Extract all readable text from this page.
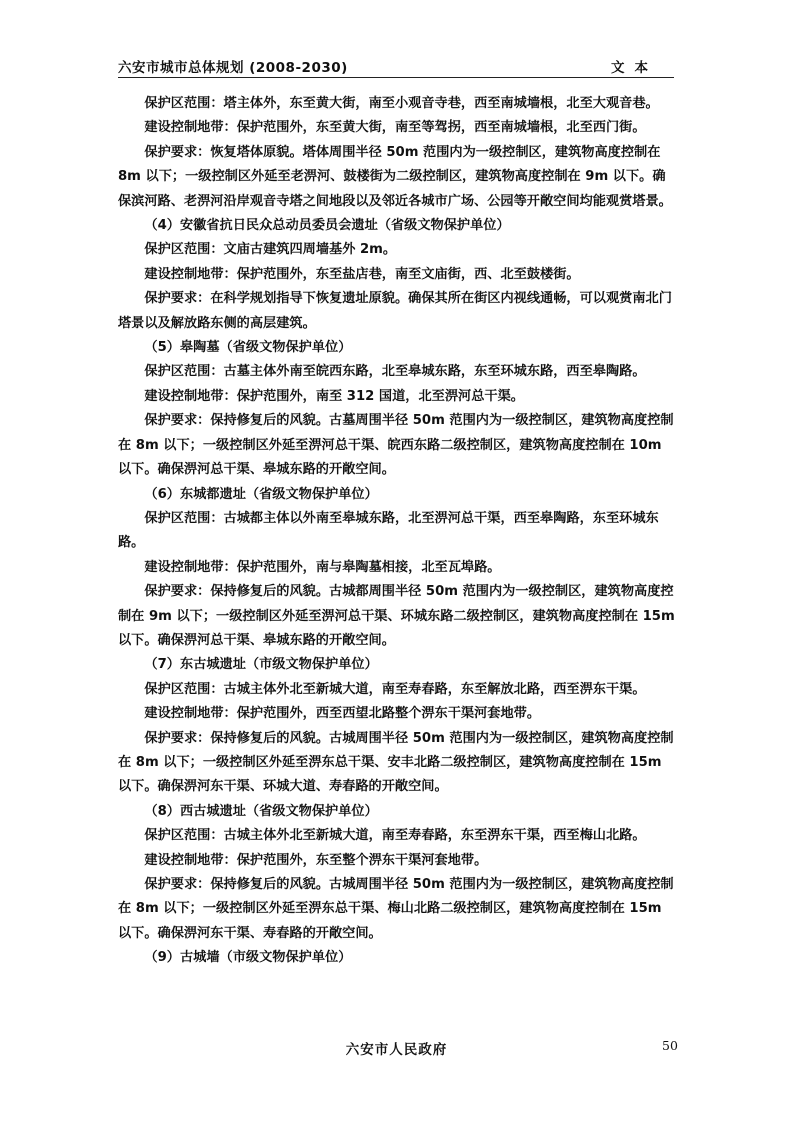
六安市城市总体规划 (2008-2030)	文本

保护区范围：塔主体外，东至黄大街，南至小观音寺巷，西至南城墙根，北至大观音巷。

建设控制地带：保护范围外，东至黄大街，南至等驾拐，西至南城墙根，北至西门街。

保护要求：恢复塔体原貌。塔体周围半径 50m 范围内为一级控制区，建筑物高度控制在 8m 以下；一级控制区外延至老淠河、鼓楼街为二级控制区，建筑物高度控制在 9m 以下。确保滨河路、老淠河沿岸观音寺塔之间地段以及邻近各城市广场、公园等开敞空间均能观赏塔景。

（4）安徽省抗日民众总动员委员会遗址（省级文物保护单位）

保护区范围：文庙古建筑四周墙基外 2m。

建设控制地带：保护范围外，东至盐店巷，南至文庙街，西、北至鼓楼街。

保护要求：在科学规划指导下恢复遗址原貌。确保其所在街区内视线通畅，可以观赏南北门塔景以及解放路东侧的高层建筑。

（5）皋陶墓（省级文物保护单位）

保护区范围：古墓主体外南至皖西东路，北至皋城东路，东至环城东路，西至皋陶路。

建设控制地带：保护范围外，南至 312 国道，北至淠河总干渠。

保护要求：保持修复后的风貌。古墓周围半径 50m 范围内为一级控制区，建筑物高度控制在 8m 以下；一级控制区外延至淠河总干渠、皖西东路二级控制区，建筑物高度控制在 10m 以下。确保淠河总干渠、皋城东路的开敞空间。

（6）东城都遗址（省级文物保护单位）

保护区范围：古城都主体以外南至皋城东路，北至淠河总干渠，西至皋陶路，东至环城东路。

建设控制地带：保护范围外，南与皋陶墓相接，北至瓦埠路。

保护要求：保持修复后的风貌。古城都周围半径 50m 范围内为一级控制区，建筑物高度控制在 9m 以下；一级控制区外延至淠河总干渠、环城东路二级控制区，建筑物高度控制在 15m 以下。确保淠河总干渠、皋城东路的开敞空间。

（7）东古城遗址（市级文物保护单位）

保护区范围：古城主体外北至新城大道，南至寿春路，东至解放北路，西至淠东干渠。

建设控制地带：保护范围外，西至西望北路整个淠东干渠河套地带。

保护要求：保持修复后的风貌。古城周围半径 50m 范围内为一级控制区，建筑物高度控制在 8m 以下；一级控制区外延至淠东总干渠、安丰北路二级控制区，建筑物高度控制在 15m 以下。确保淠河东干渠、环城大道、寿春路的开敞空间。

（8）西古城遗址（省级文物保护单位）

保护区范围：古城主体外北至新城大道，南至寿春路，东至淠东干渠，西至梅山北路。

建设控制地带：保护范围外，东至整个淠东干渠河套地带。

保护要求：保持修复后的风貌。古城周围半径 50m 范围内为一级控制区，建筑物高度控制在 8m 以下；一级控制区外延至淠东总干渠、梅山北路二级控制区，建筑物高度控制在 15m 以下。确保淠河东干渠、寿春路的开敞空间。

（9）古城墙（市级文物保护单位）

六安市人民政府	50
